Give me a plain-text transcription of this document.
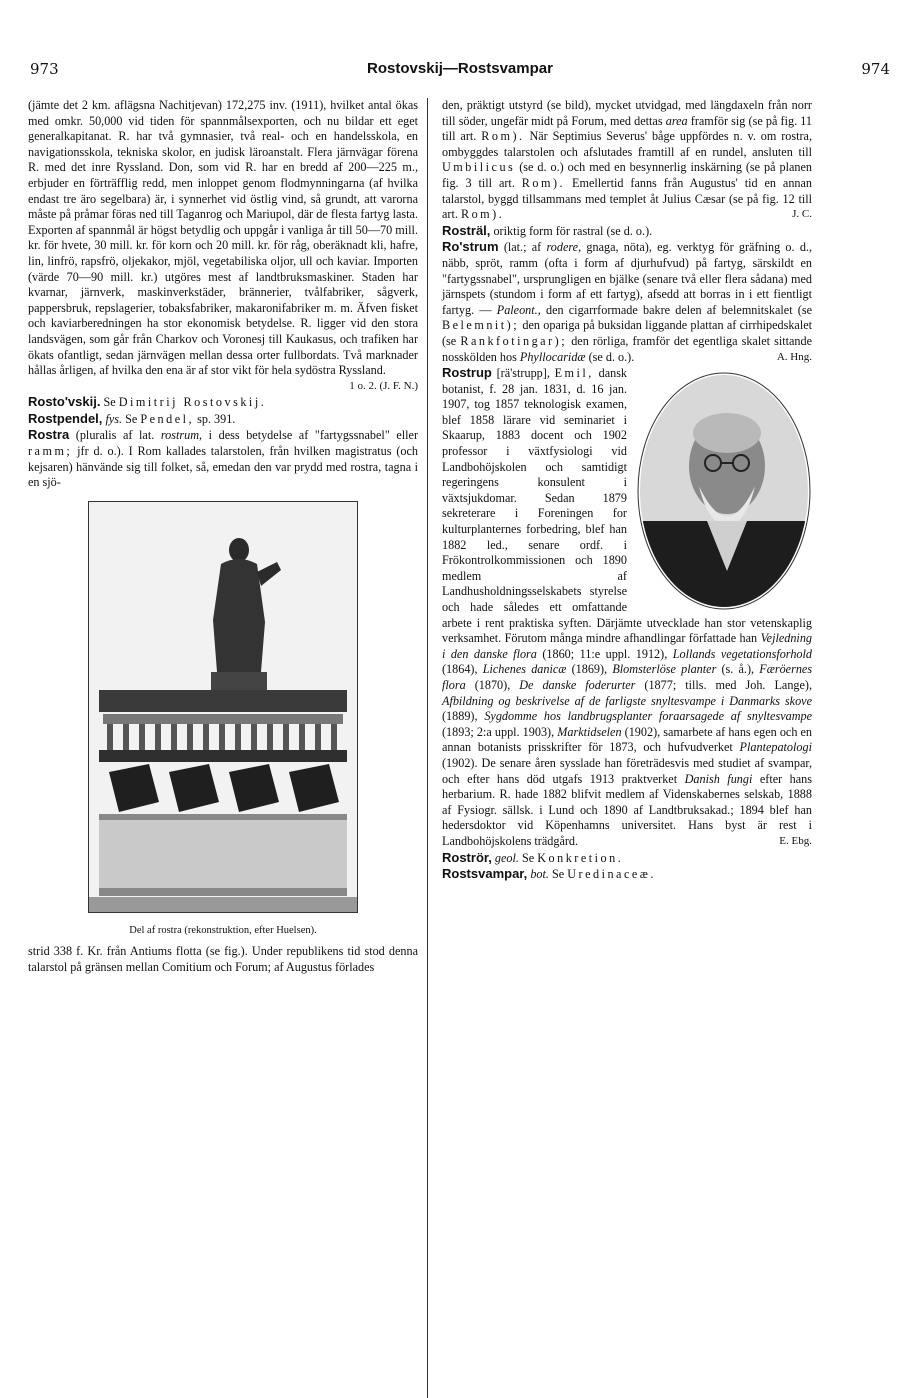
973	Rostovskij—Rostsvampar	974

(jämte det 2 km. aflägsna Nachitjevan) 172,275 inv. (1911), hvilket antal ökas med omkr. 50,000 vid tiden för spannmålsexporten, och nu bildar ett eget generalkapitanat. R. har två gymnasier, två real- och en handelsskola, en navigationsskola, tekniska skolor, en judisk läroanstalt. Flera järnvägar förena R. med det inre Ryssland. Don, som vid R. har en bredd af 200—225 m., erbjuder en förträfflig redd, men inloppet genom flodmynningarna (af hvilka endast tre äro segelbara) är, i synnerhet vid östlig vind, så grundt, att varorna måste på pråmar föras ned till Taganrog och Mariupol, där de flesta fartyg lasta. Exporten af spannmål är högst betydlig och uppgår i vanliga år till 50—70 mill. kr. för hvete, 30 mill. kr. för korn och 20 mill. kr. för råg, oberäknadt kli, hafre, lin, linfrö, rapsfrö, oljekakor, mjöl, vegetabiliska oljor, ull och kaviar. Importen (värde 70—90 mill. kr.) utgöres mest af landtbruksmaskiner. Staden har kvarnar, järnverk, maskinverkstäder, brännerier, tvålfabriker, sågverk, pappersbruk, repslagerier, tobaksfabriker, makaronifabriker m. m. Äfven fisket och kaviarberedningen ha stor ekonomisk betydelse. R. ligger vid den stora landsvägen, som går från Charkov och Voronesj till Kaukasus, och trafiken har ökats ofantligt, sedan järnvägen mellan dessa orter fullbordats. Två marknader hållas årligen, af hvilka den ena är af stor vikt för hela sydöstra Ryssland.
1 o. 2. (J. F. N.)

Rosto'vskij. Se Dimitrij Rostovskij.

Rostpendel, fys. Se Pendel, sp. 391.

Rostra (pluralis af lat. rostrum, i dess betydelse af "fartygssnabel" eller ramm; jfr d. o.). I Rom kallades talarstolen, från hvilken magistratus (och kejsaren) hänvände sig till folket, så, emedan den var prydd med rostra, tagna i en sjö-

Del af rostra (rekonstruktion, efter Huelsen).

strid 338 f. Kr. från Antiums flotta (se fig.). Under republikens tid stod denna talarstol på gränsen mellan Comitium och Forum; af Augustus förlades

den, präktigt utstyrd (se bild), mycket utvidgad, med längdaxeln från norr till söder, ungefär midt på Forum, med dettas area framför sig (se på fig. 11 till art. Rom). När Septimius Severus' båge uppfördes n. v. om rostra, ombyggdes talarstolen och afslutades framtill af en rundel, ansluten till Umbilicus (se d. o.) och med en besynnerlig inskärning (se på planen fig. 3 till art. Rom). Emellertid fanns från Augustus' tid en annan talarstol, byggd tillsammans med templet åt Julius Cæsar (se på fig. 12 till art. Rom).	J. C.

Rosträl, oriktig form för rastral (se d. o.).

Ro'strum (lat.; af rodere, gnaga, nöta), eg. verktyg för gräfning o. d., näbb, spröt, ramm (ofta i form af djurhufvud) på fartyg, särskildt en "fartygssnabel", ursprungligen en bjälke (senare två eller flera sådana) med järnspets (stundom i form af ett fartyg), afsedd att borras in i ett fientligt fartyg. — Paleont., den cigarrformade bakre delen af belemnitskalet (se Belemnit); den opariga på buksidan liggande plattan af cirrhipedskalet (se Rankfotingar); den rörliga, framför det egentliga skalet sittande nosskölden hos Phyllocaridæ (se d. o.).	A. Hng.

Rostrup [rä'strupp], Emil, dansk botanist, f. 28 jan. 1831, d. 16 jan. 1907, tog 1857 teknologisk examen, blef 1858 lärare vid seminariet i Skaarup, 1883 docent och 1902 professor i växtfysiologi vid Landbohöjskolen och samtidigt regeringens konsulent i växtsjukdomar. Sedan 1879 sekreterare i Foreningen for kulturplanternes forbedring, blef han 1882 led., senare ordf. i Frökontrolkommissionen och 1890 medlem af Landhusholdningsselskabets styrelse och hade således ett omfattande arbete i rent praktiska syften. Därjämte utvecklade han stor vetenskaplig verksamhet. Förutom många mindre afhandlingar författade han Vejledning i den danske flora (1860; 11:e uppl. 1912), Lollands vegetationsforhold (1864), Lichenes danicæ (1869), Blomsterlöse planter (s. å.), Færöernes flora (1870), De danske foderurter (1877; tills. med Joh. Lange), Afbildning og beskrivelse af de farligste snyltesvampe i Danmarks skove (1889), Sygdomme hos landbrugsplanter foraarsagede af snyltesvampe (1893; 2:a uppl. 1903), Marktidselen (1902), samarbete af hans egen och en annan botanists prisskrifter för 1873, och hufvudverket Plantepatologi (1902). De senare åren sysslade han företrädesvis med studiet af svampar, och efter hans död utgafs 1913 praktverket Danish fungi efter hans herbarium. R. hade 1882 blifvit medlem af Videnskabernes selskab, 1888 af Fysiogr. sällsk. i Lund och 1890 af Landtbruksakad.; 1894 blef han hedersdoktor vid Köpenhamns universitet. Hans byst är rest i Landbohöjskolens trädgård.	E. Ebg.

Roströr, geol. Se Konkretion.

Rostsvampar, bot. Se Uredinaceæ.
